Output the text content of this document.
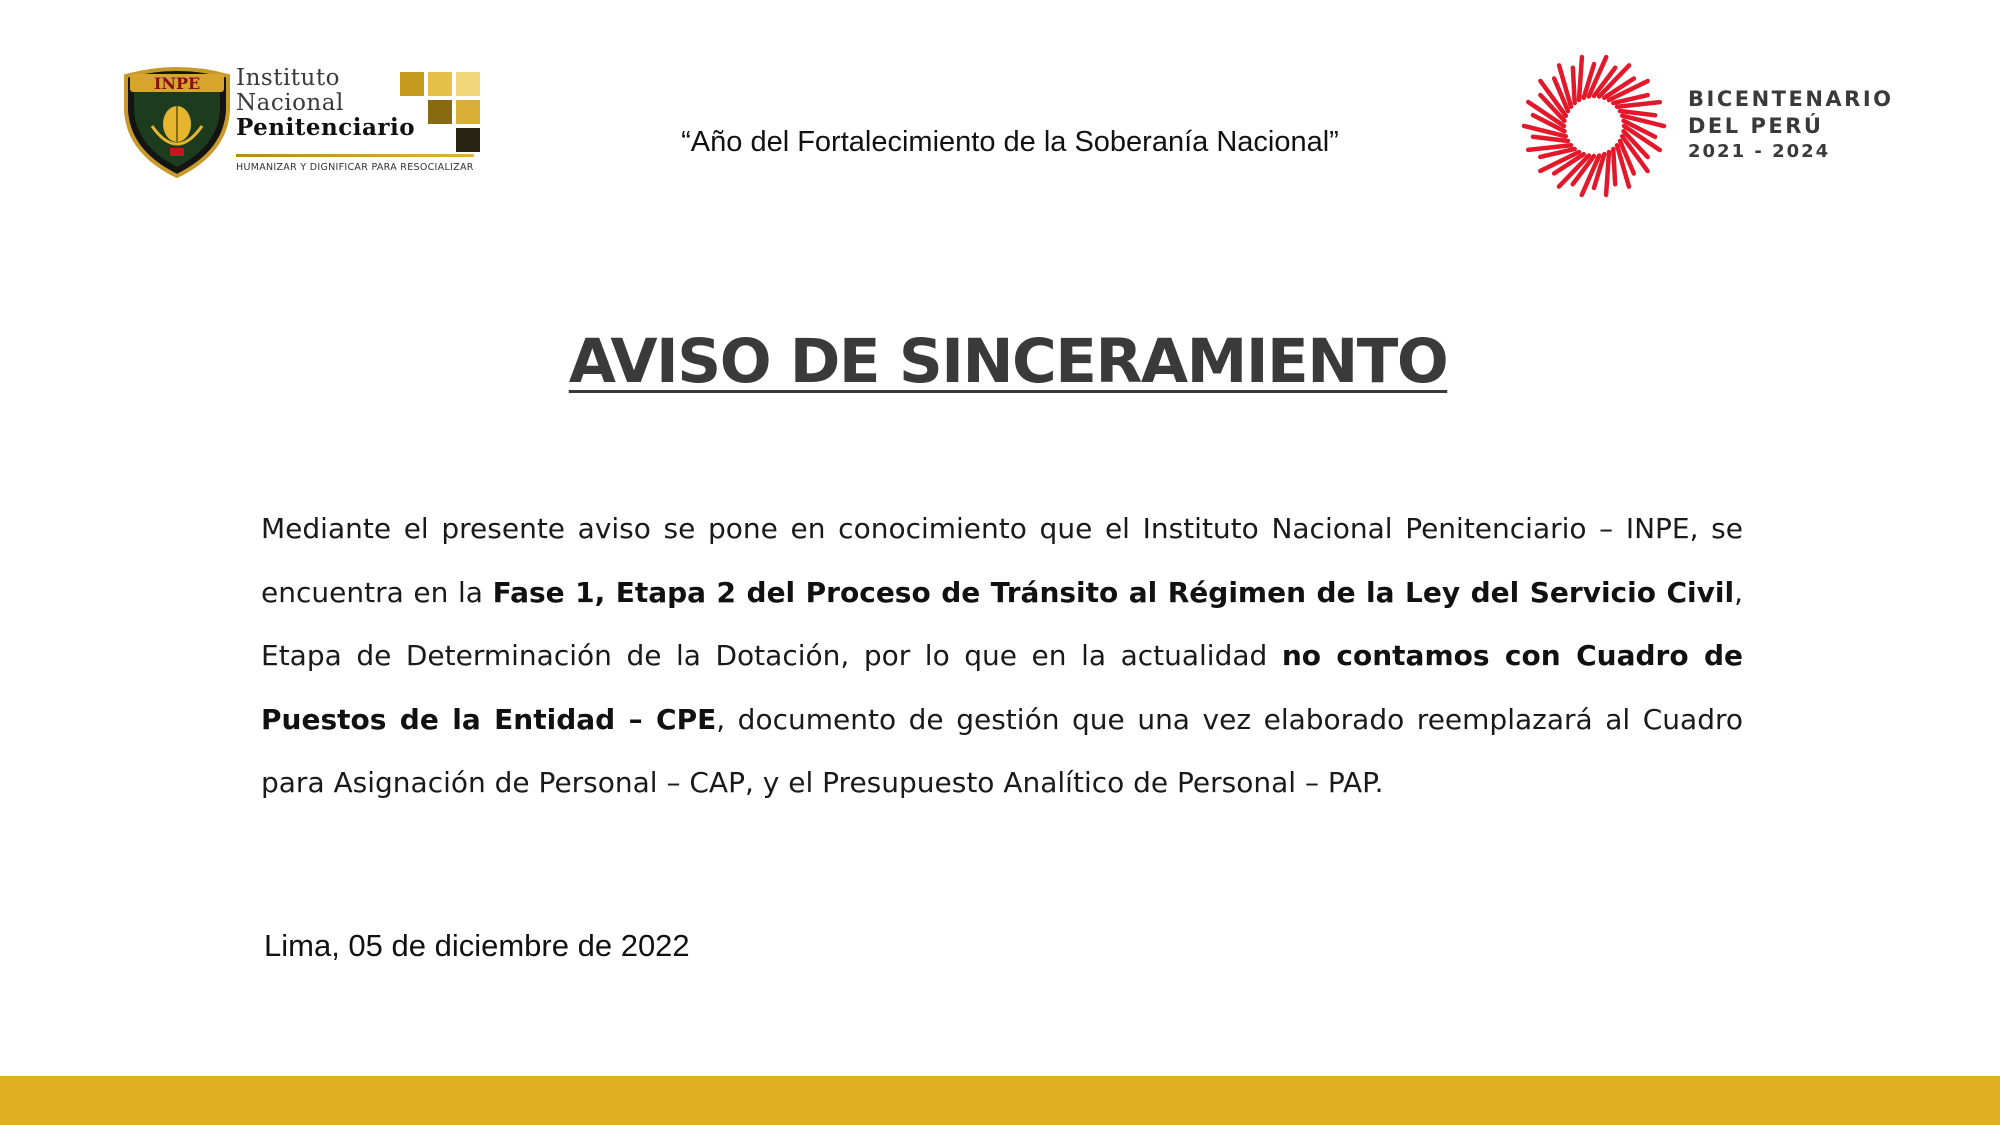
INPE Instituto
Nacional
Penitenciario
HUMANIZAR Y DIGNIFICAR PARA RESOCIALIZAR
“Año del Fortalecimiento de la Soberanía Nacional”
BICENTENARIO
DEL PERÚ
2021 - 2024
AVISO DE SINCERAMIENTO

Mediante el presente aviso se pone en conocimiento que el Instituto Nacional Penitenciario – INPE, se encuentra en la Fase 1, Etapa 2 del Proceso de Tránsito al Régimen de la Ley del Servicio Civil, Etapa de Determinación de la Dotación, por lo que en la actualidad no contamos con Cuadro de Puestos de la Entidad – CPE, documento de gestión que una vez elaborado reemplazará al Cuadro para Asignación de Personal – CAP, y el Presupuesto Analítico de Personal – PAP.

Lima, 05 de diciembre de 2022
